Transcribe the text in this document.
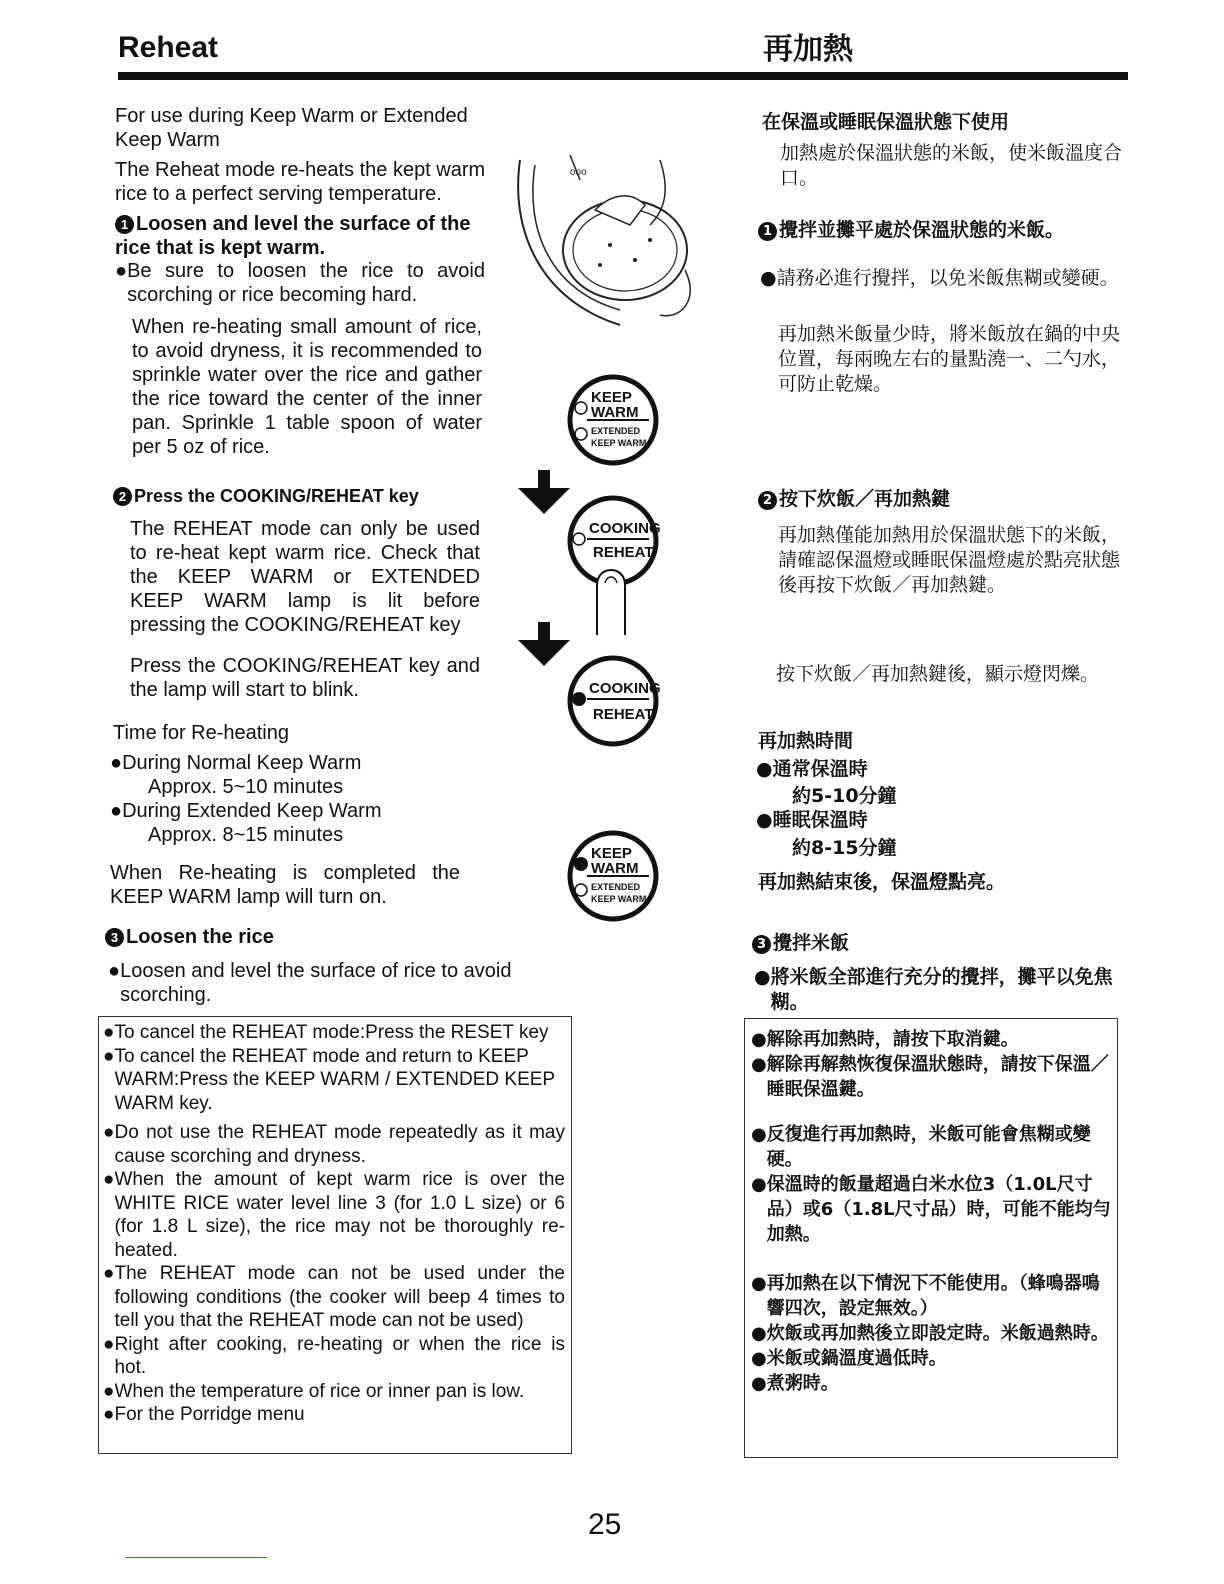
Reheat	再加熱
For use during Keep Warm or Extended Keep Warm
The Reheat mode re-heats the kept warm rice to a perfect serving temperature.
1 Loosen and level the surface of the rice that is kept warm.
● Be sure to loosen the rice to avoid scorching or rice becoming hard.
When re-heating small amount of rice, to avoid dryness, it is recommended to sprinkle water over the rice and gather the rice toward the center of the inner pan. Sprinkle 1 table spoon of water per 5 oz of rice.
2 Press the COOKING/REHEAT key
The REHEAT mode can only be used to re-heat kept warm rice. Check that the KEEP WARM or EXTENDED KEEP WARM lamp is lit before pressing the COOKING/REHEAT key
Press the COOKING/REHEAT key and the lamp will start to blink.
Time for Re-heating
● During Normal Keep Warm
Approx. 5~10 minutes
● During Extended Keep Warm
Approx. 8~15 minutes
When Re-heating is completed the KEEP WARM lamp will turn on.
3 Loosen the rice
● Loosen and level the surface of rice to avoid scorching.
● To cancel the REHEAT mode:Press the RESET key
● To cancel the REHEAT mode and return to KEEP WARM:Press the KEEP WARM / EXTENDED KEEP WARM key.
● Do not use the REHEAT mode repeatedly as it may cause scorching and dryness.
● When the amount of kept warm rice is over the WHITE RICE water level line 3 (for 1.0 L size) or 6 (for 1.8 L size), the rice may not be thoroughly re-heated.
● The REHEAT mode can not be used under the following conditions (the cooker will beep 4 times to tell you that the REHEAT mode can not be used)
● Right after cooking, re-heating or when the rice is hot.
● When the temperature of rice or inner pan is low.
● For the Porridge menu
ooo
KEEP
WARM
EXTENDED
KEEP WARM
COOKING
REHEAT
COOKING
REHEAT
KEEP
WARM
EXTENDED
KEEP WARM
在保溫或睡眠保溫狀態下使用
加熱處於保溫狀態的米飯，使米飯溫度合口。
1 攪拌並攤平處於保溫狀態的米飯。
● 請務必進行攪拌，以免米飯焦糊或變硬。
再加熱米飯量少時，將米飯放在鍋的中央位置，每兩晚左右的量點澆一、二勺水，可防止乾燥。
2 按下炊飯／再加熱鍵
再加熱僅能加熱用於保溫狀態下的米飯，請確認保溫燈或睡眠保溫燈處於點亮狀態後再按下炊飯／再加熱鍵。
按下炊飯／再加熱鍵後，顯示燈閃爍。
再加熱時間
● 通常保溫時
約5-10分鐘
● 睡眠保溫時
約8-15分鐘
再加熱結束後，保溫燈點亮。
3 攪拌米飯
● 將米飯全部進行充分的攪拌，攤平以免焦糊。
● 解除再加熱時，請按下取消鍵。
● 解除再解熱恢復保溫狀態時，請按下保溫／睡眠保溫鍵。
● 反復進行再加熱時，米飯可能會焦糊或變硬。
● 保溫時的飯量超過白米水位3（1.0L尺寸品）或6（1.8L尺寸品）時，可能不能均勻加熱。
● 再加熱在以下情況下不能使用。（蜂鳴器鳴響四次，設定無效。）
● 炊飯或再加熱後立即設定時。米飯過熱時。
● 米飯或鍋溫度過低時。
● 煮粥時。
25
